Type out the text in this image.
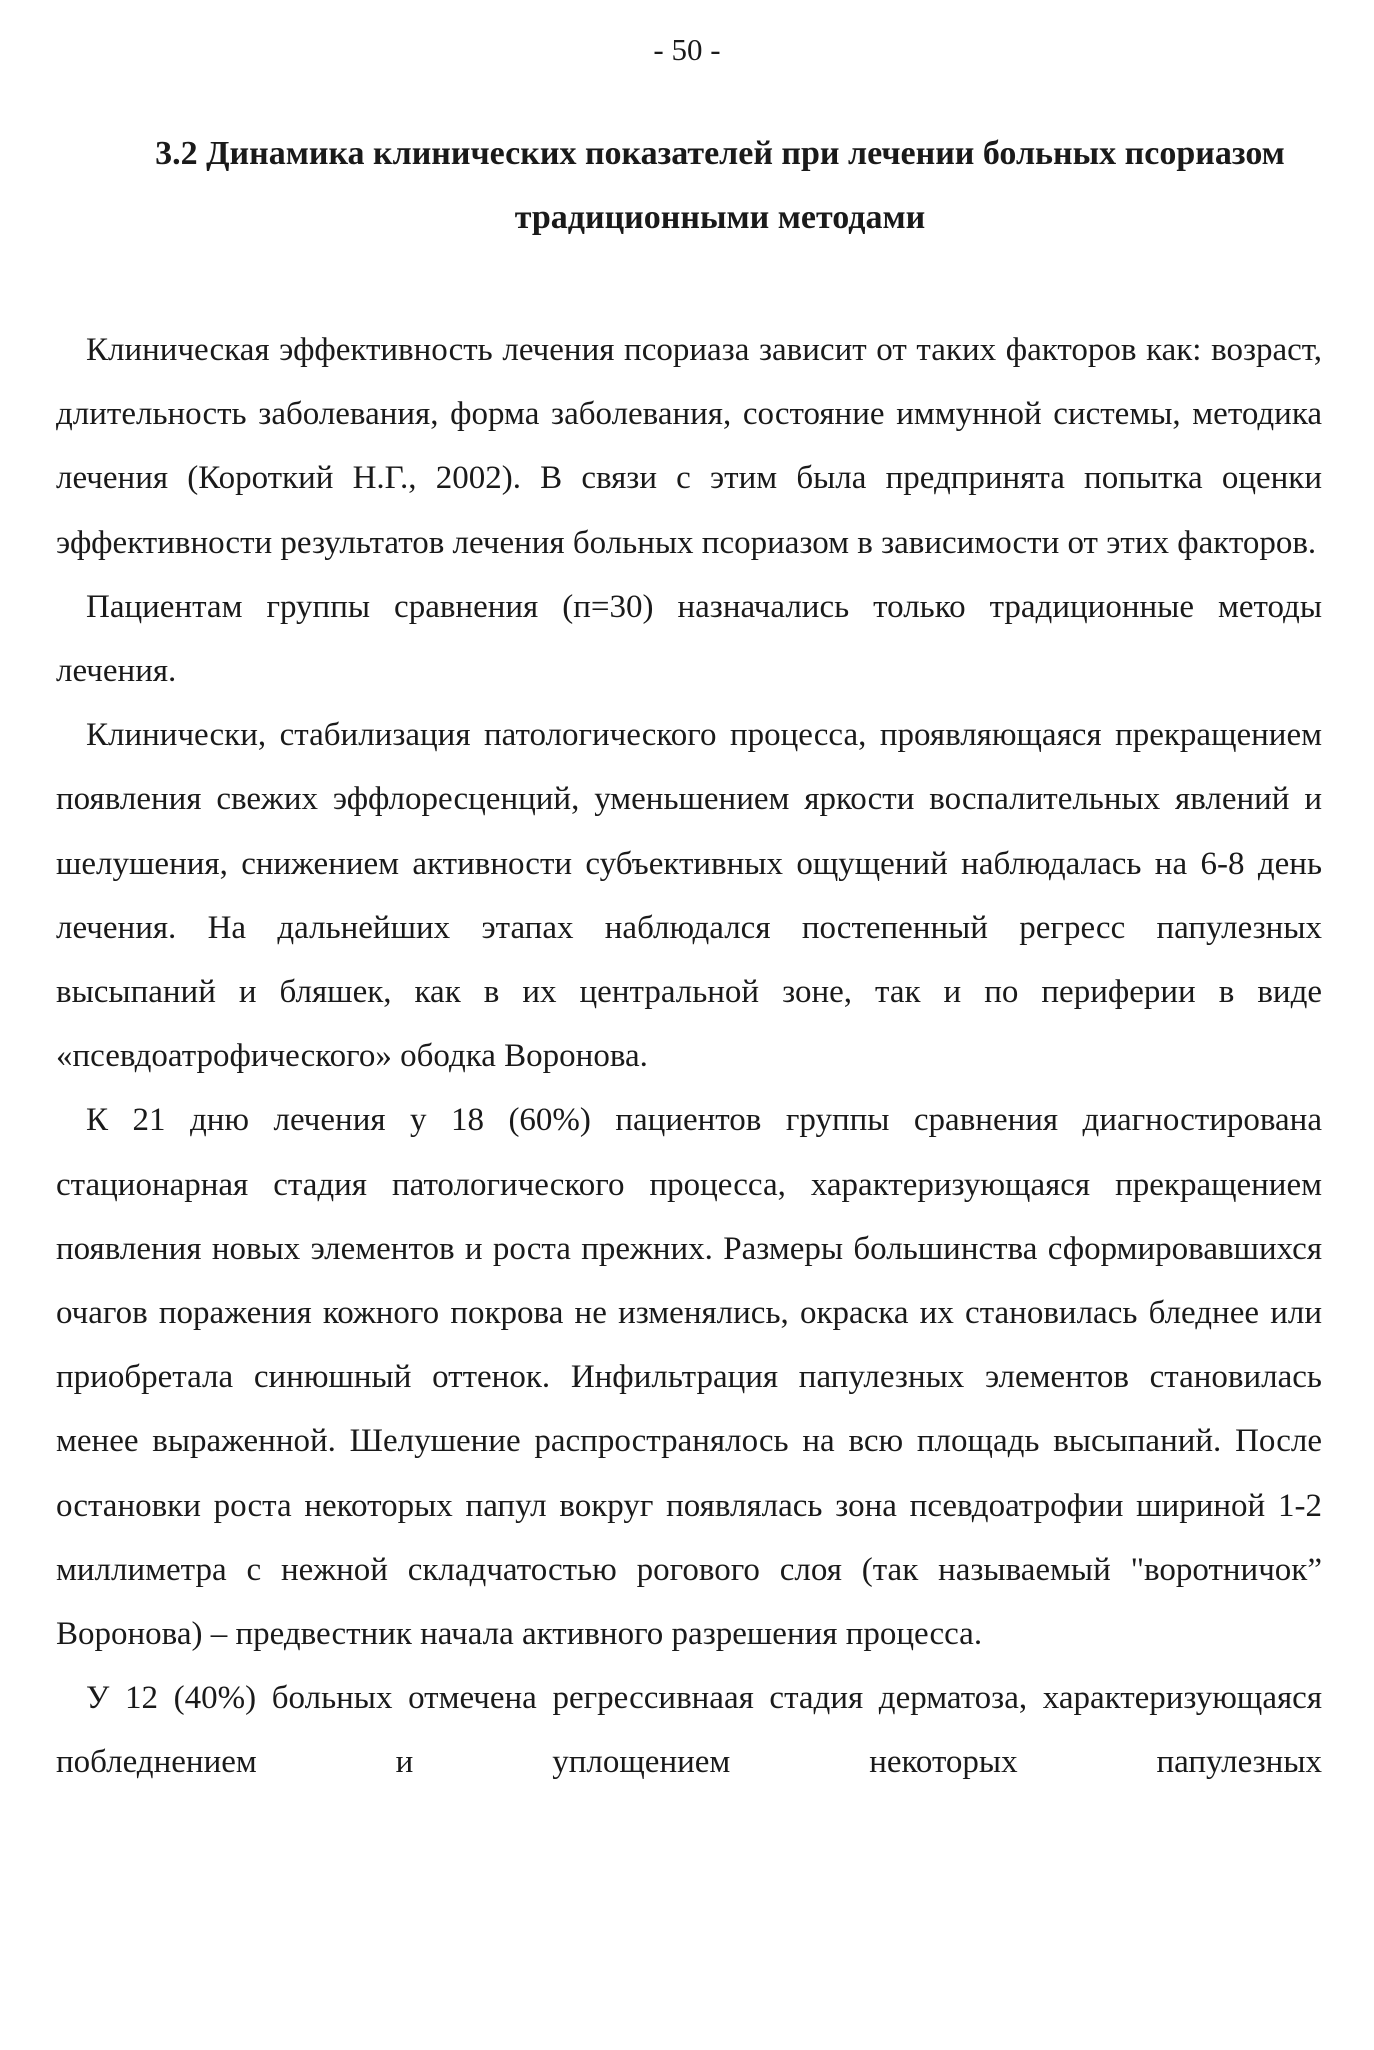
- 50 -
3.2 Динамика клинических показателей при лечении больных псориазом традиционными методами

Клиническая эффективность лечения псориаза зависит от таких факторов как: возраст, длительность заболевания, форма заболевания, состояние иммунной системы, методика лечения (Короткий Н.Г., 2002). В связи с этим была предпринята попытка оценки эффективности результатов лечения больных псориазом в зависимости от этих факторов.

Пациентам группы сравнения (п=30) назначались только традиционные методы лечения.

Клинически, стабилизация патологического процесса, проявляющаяся прекращением появления свежих эффлоресценций, уменьшением яркости воспалительных явлений и шелушения, снижением активности субъективных ощущений наблюдалась на 6-8 день лечения. На дальнейших этапах наблюдался постепенный регресс папулезных высыпаний и бляшек, как в их центральной зоне, так и по периферии в виде «псевдоатрофического» ободка Воронова.

К 21 дню лечения у 18 (60%) пациентов группы сравнения диагностирована стационарная стадия патологического процесса, характеризующаяся прекращением появления новых элементов и роста прежних. Размеры большинства сформировавшихся очагов поражения кожного покрова не изменялись, окраска их становилась бледнее или приобретала синюшный оттенок. Инфильтрация папулезных элементов становилась менее выраженной. Шелушение распространялось на всю площадь высыпаний. После остановки роста некоторых папул вокруг появлялась зона псевдоатрофии шириной 1-2 миллиметра с нежной складчатостью рогового слоя (так называемый "воротничок” Воронова) – предвестник начала активного разрешения процесса.

У 12 (40%) больных отмечена регрессивнаая стадия дерматоза, характеризующаяся побледнением и уплощением некоторых папулезных
